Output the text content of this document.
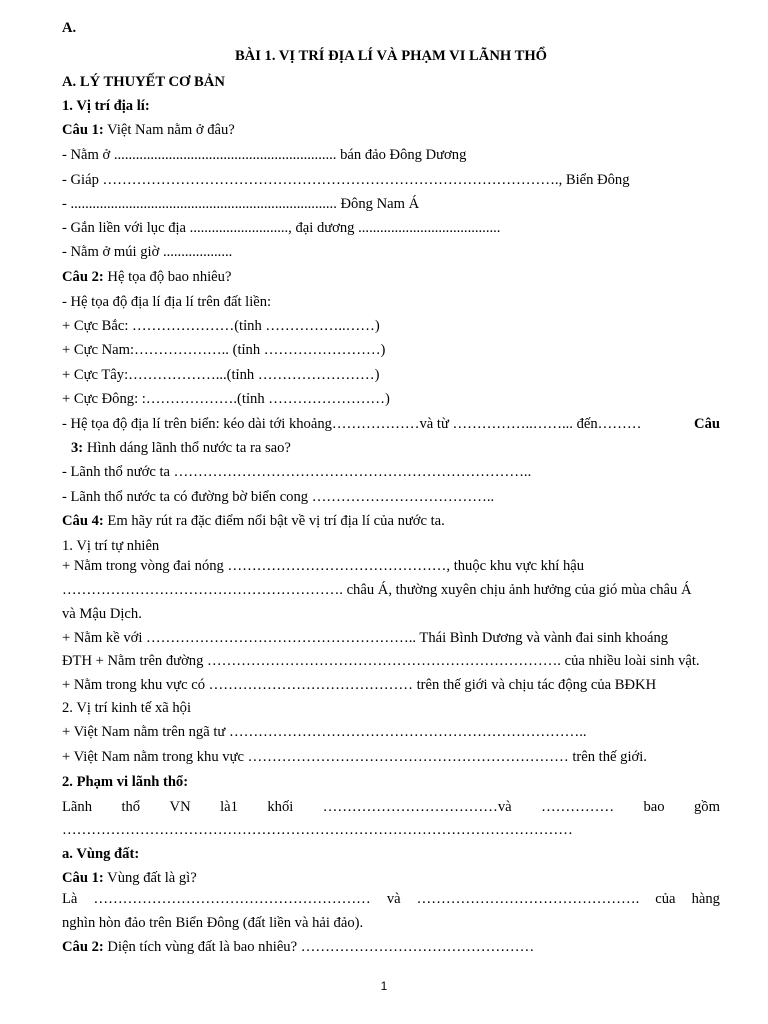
A.
BÀI 1. VỊ TRÍ ĐỊA LÍ VÀ PHẠM VI LÃNH THỔ
A. LÝ THUYẾT CƠ BẢN
1. Vị trí địa lí:
Câu 1: Việt Nam nằm ở đâu?
- Nằm ở ............................................................. bán đảo Đông Dương
- Giáp …………………………………………………………………………………., Biển Đông
- ......................................................................... Đông Nam Á
- Gắn liền với lục địa ..........................., đại dương .......................................
- Nằm ở múi giờ ...................
Câu 2: Hệ tọa độ bao nhiêu?
- Hệ tọa độ địa lí địa lí trên đất liền:
+ Cực Bắc: …………………(tỉnh ……………..……)
+ Cực Nam:……………….. (tỉnh ……………………)
+ Cực Tây:………………...(tỉnh ……………………)
+ Cực Đông: :……………….(tỉnh ……………………)
- Hệ tọa độ địa lí trên biển: kéo dài tới khoảng………………và từ ……………..……... đến………	Câu
3: Hình dáng lãnh thổ nước ta ra sao?
- Lãnh thổ nước ta ………………………………………………………………..
- Lãnh thổ nước ta có đường bờ biển cong ………………………………..
Câu 4: Em hãy rút ra đặc điểm nổi bật về vị trí địa lí của nước ta.
1. Vị trí tự nhiên
+ Nằm trong vòng đai nóng ………………………………………, thuộc khu vực khí hậu
…………………………………………………. châu Á, thường xuyên chịu ảnh hưởng của gió mùa châu Á
và Mậu Dịch.
+ Nằm kề với ……………………………………………….. Thái Bình Dương và vành đai sinh khoáng
ĐTH + Nằm trên đường ………………………………………………………………. của nhiều loài sinh vật.
+ Nằm trong khu vực có …………………………………… trên thế giới và chịu tác động của BĐKH
2. Vị trí kinh tế xã hội
+ Việt Nam nằm trên ngã tư ………………………………………………………………..
+ Việt Nam nằm trong khu vực ………………………………………………………… trên thế giới.
2. Phạm vi lãnh thổ:
Lãnh thổ VN là1 khối ………………………………và …………… bao gồm
……………………………………………………………………………………………
a. Vùng đất:
Câu 1: Vùng đất là gì?
Là ………………………………………………… và ………………………………………. của hàng
nghìn hòn đảo trên Biển Đông (đất liền và hải đảo).
Câu 2: Diện tích vùng đất là bao nhiêu? …………………………………………
1
